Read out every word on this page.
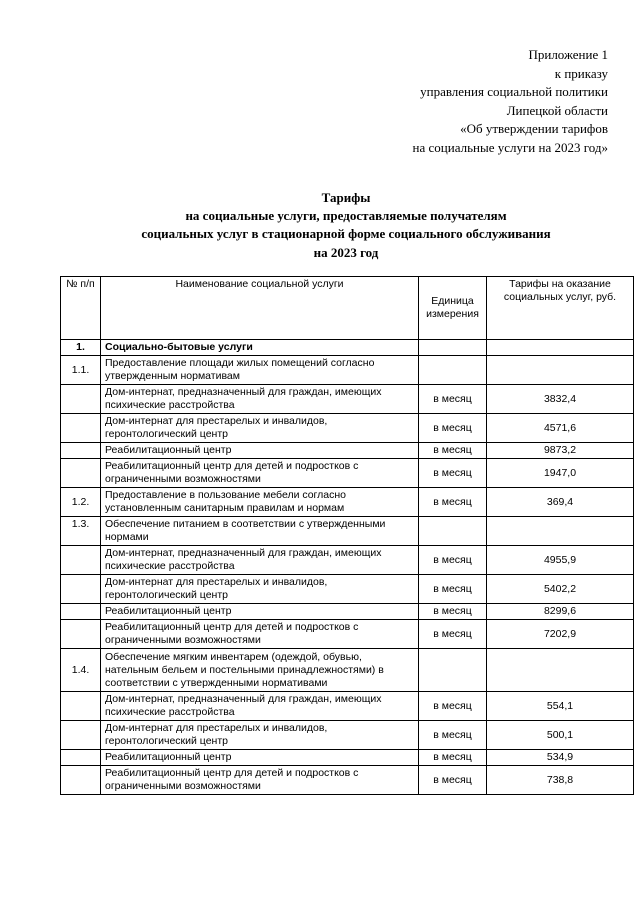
Приложение 1
к приказу
управления социальной политики
Липецкой области
«Об утверждении тарифов
на социальные услуги на 2023 год»
Тарифы
на социальные услуги, предоставляемые получателям
социальных услуг в стационарной форме социального обслуживания
на 2023 год
№ п/п	Наименование социальной услуги	Единица измерения	Тарифы на оказание социальных услуг, руб.
1.	Социально-бытовые услуги		
1.1.	Предоставление площади жилых помещений согласно утвержденным нормативам		
	Дом-интернат, предназначенный для граждан, имеющих психические расстройства	в месяц	3832,4
	Дом-интернат для престарелых и инвалидов, геронтологический центр	в месяц	4571,6
	Реабилитационный центр	в месяц	9873,2
	Реабилитационный центр для детей и подростков с ограниченными возможностями	в месяц	1947,0
1.2.	Предоставление в пользование мебели согласно установленным санитарным правилам и нормам	в месяц	369,4
1.3.	Обеспечение питанием в соответствии с утвержденными нормами		
	Дом-интернат, предназначенный для граждан, имеющих психические расстройства	в месяц	4955,9
	Дом-интернат для престарелых и инвалидов, геронтологический центр	в месяц	5402,2
	Реабилитационный центр	в месяц	8299,6
	Реабилитационный центр для детей и подростков с ограниченными возможностями	в месяц	7202,9
1.4.	Обеспечение мягким инвентарем (одеждой, обувью, нательным бельем и постельными принадлежностями) в соответствии с утвержденными нормативами		
	Дом-интернат, предназначенный для граждан, имеющих психические расстройства	в месяц	554,1
	Дом-интернат для престарелых и инвалидов, геронтологический центр	в месяц	500,1
	Реабилитационный центр	в месяц	534,9
	Реабилитационный центр для детей и подростков с ограниченными возможностями	в месяц	738,8
